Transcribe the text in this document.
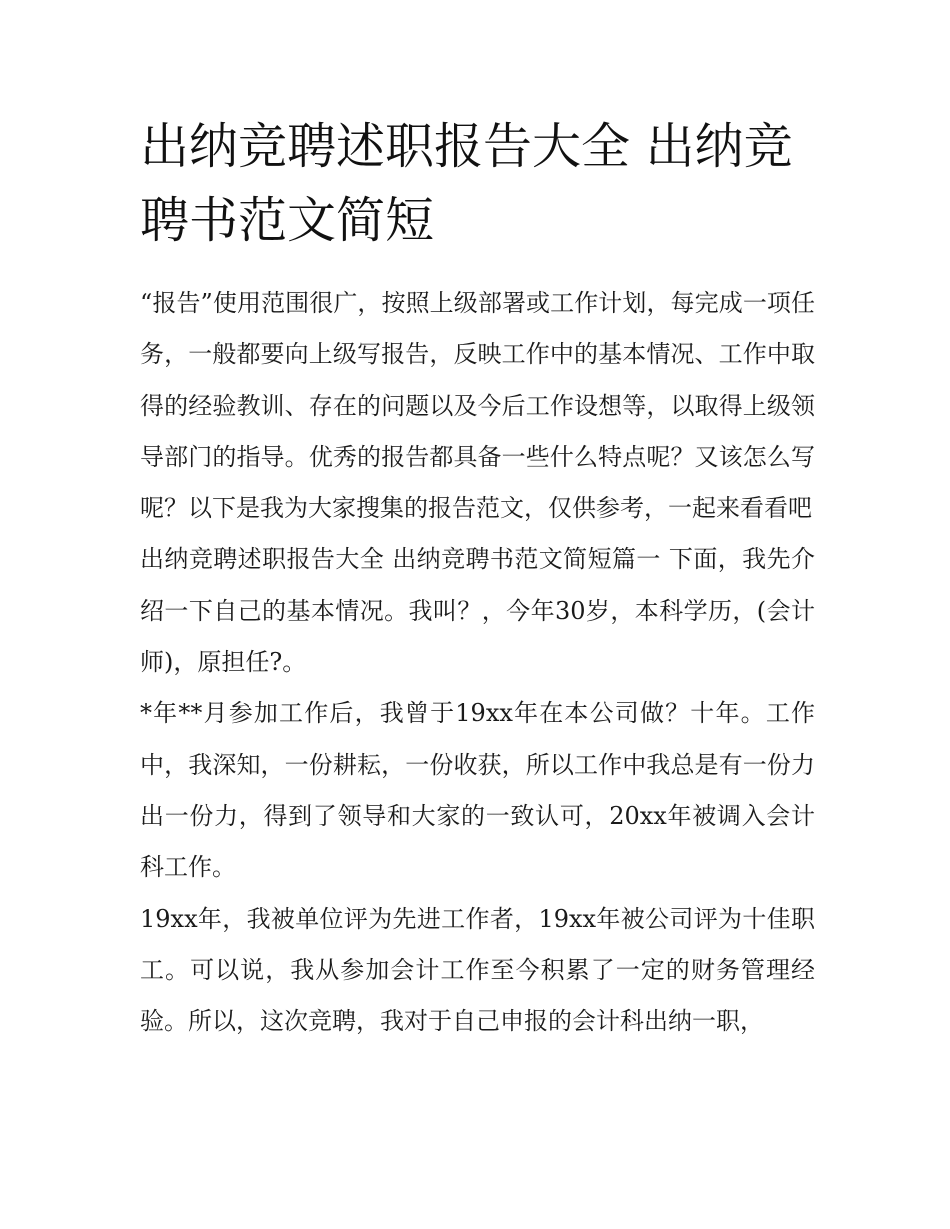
出纳竞聘述职报告大全 出纳竞聘书范文简短

“报告”使用范围很广，按照上级部署或工作计划，每完成一项任务，一般都要向上级写报告，反映工作中的基本情况、工作中取得的经验教训、存在的问题以及今后工作设想等，以取得上级领导部门的指导。优秀的报告都具备一些什么特点呢？又该怎么写呢？以下是我为大家搜集的报告范文，仅供参考，一起来看看吧

出纳竞聘述职报告大全 出纳竞聘书范文简短篇一 下面，我先介绍一下自己的基本情况。我叫？，今年30岁，本科学历，(会计师)，原担任?。

*年**月参加工作后，我曾于19xx年在本公司做？十年。工作中，我深知，一份耕耘，一份收获，所以工作中我总是有一份力出一份力，得到了领导和大家的一致认可，20xx年被调入会计科工作。

19xx年，我被单位评为先进工作者，19xx年被公司评为十佳职工。可以说，我从参加会计工作至今积累了一定的财务管理经验。所以，这次竞聘，我对于自己申报的会计科出纳一职，
